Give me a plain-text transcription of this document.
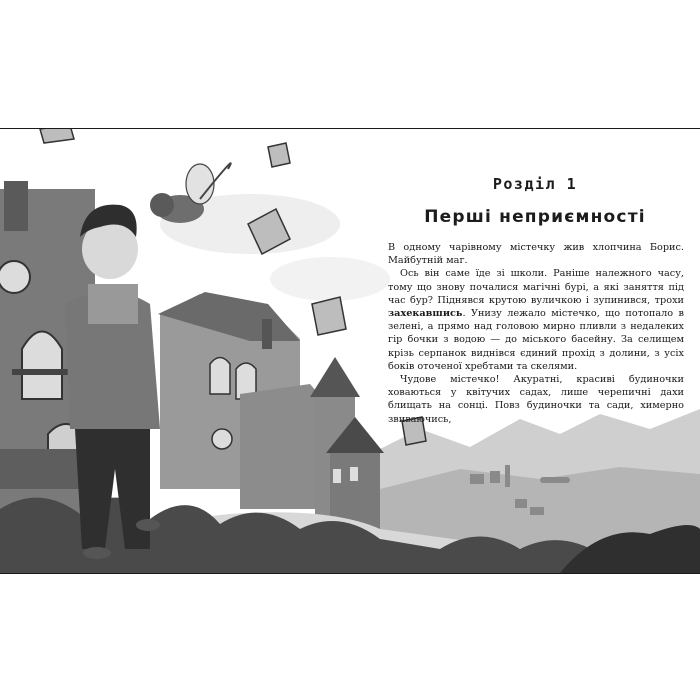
Розділ 1
Перші неприємності

В одному чарівному містечку жив хлопчина Борис. Майбутній маг.

Ось він саме їде зі школи. Раніше належного часу, тому що знову почалися магічні бурі, а які заняття під час бур? Піднявся крутою вуличкою і зупинився, трохи захекавшись. Унизу лежало містечко, що потопало в зелені, а прямо над головою мирно пливли з недалеких гір бочки з водою — до міського басейну. За селищем крізь серпанок виднівся єдиний прохід з долини, з усіх боків оточеної хребтами та скелями.

Чудове містечко! Акуратні, красиві будиночки ховаються у квітучих садах, лише черепичні дахи блищать на сонці. Повз будиночки та сади, химерно звиваючись,
